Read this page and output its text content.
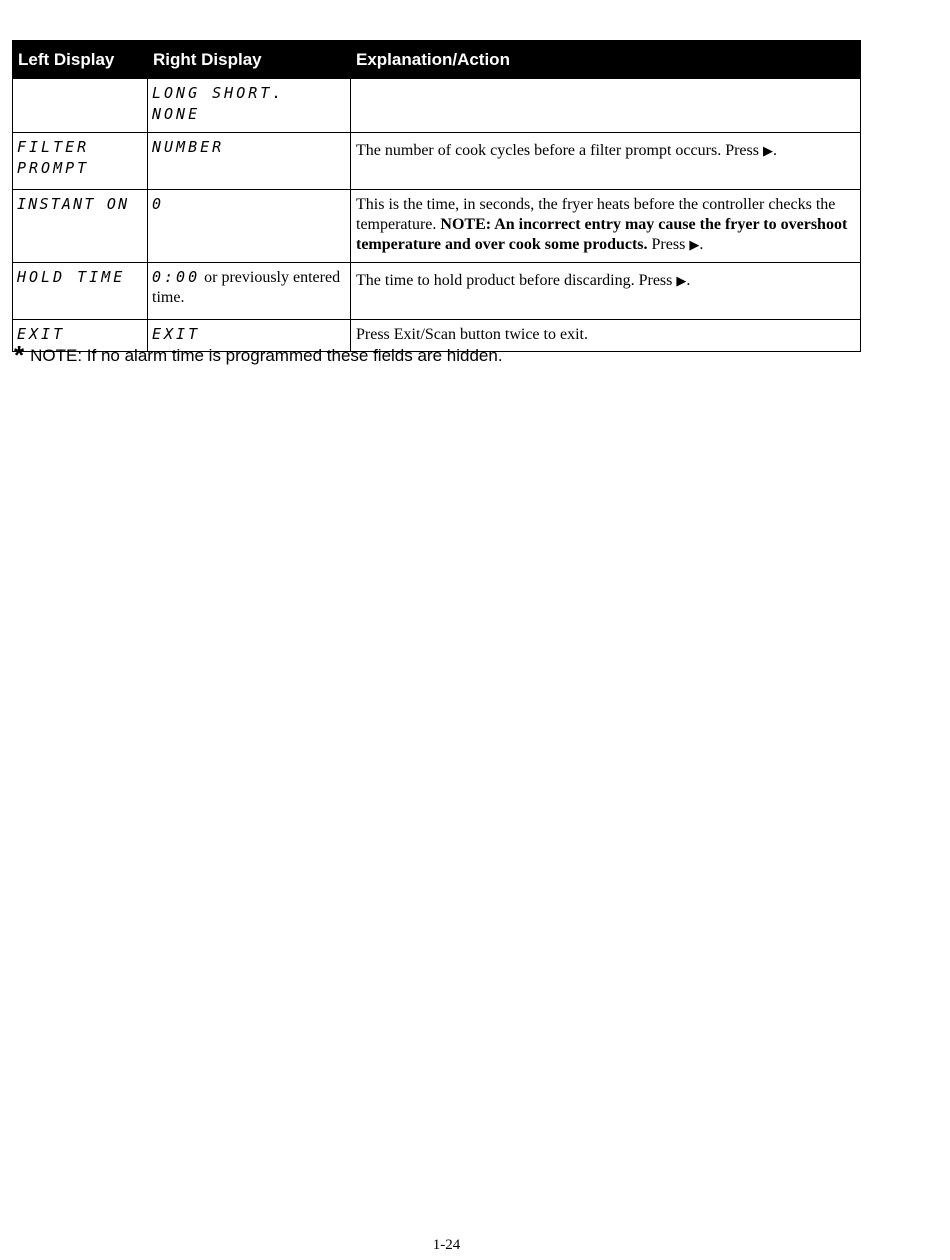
Left Display	Right Display	Explanation/Action

	LONG SHORT.
NONE	

FILTER
PROMPT	NUMBER	The number of cook cycles before a filter prompt occurs. Press ▶.

INSTANT ON	0	This is the time, in seconds, the fryer heats before the controller checks the temperature. NOTE: An incorrect entry may cause the fryer to overshoot temperature and over cook some products. Press ▶.

HOLD TIME	0:00 or previously entered time.	The time to hold product before discarding. Press ▶.

EXIT	EXIT	Press Exit/Scan button twice to exit.
* NOTE: If no alarm time is programmed these fields are hidden.
1-24
